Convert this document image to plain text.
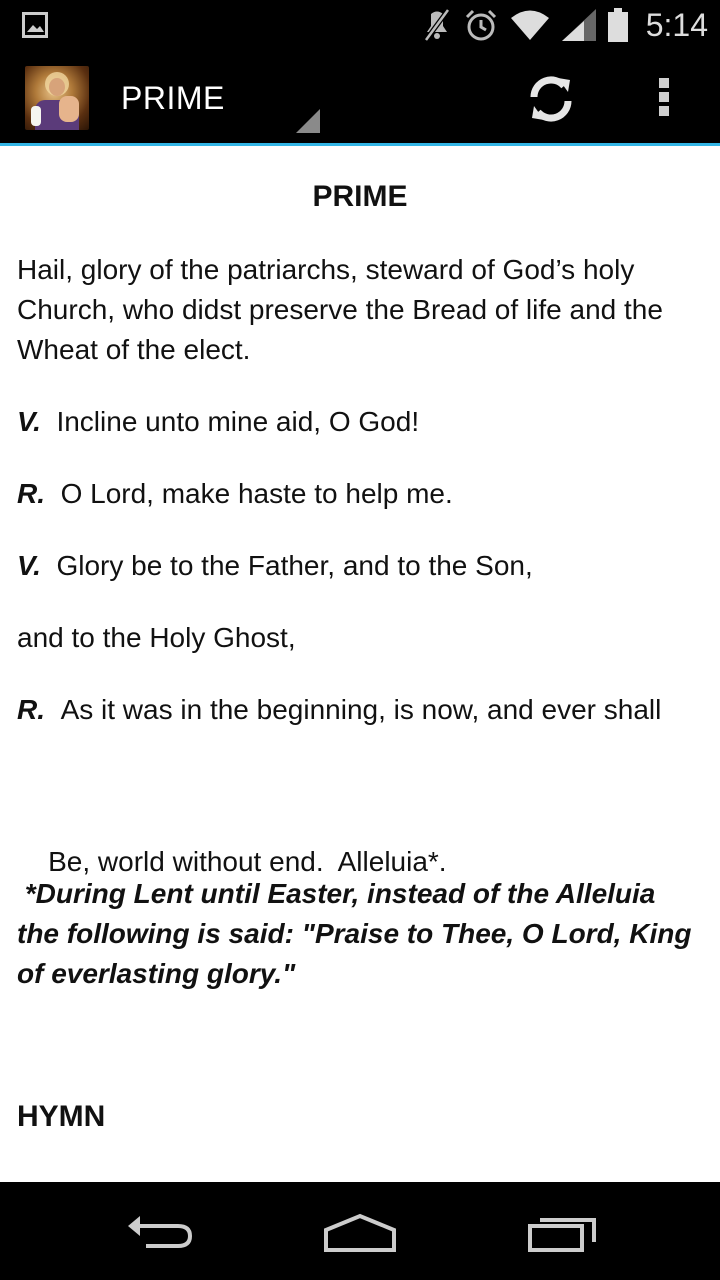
5:14
PRIME
PRIME

Hail, glory of the patriarchs, steward of God’s holy Church, who didst preserve the Bread of life and the Wheat of the elect.

V. Incline unto mine aid, O God!

R. O Lord, make haste to help me.

V. Glory be to the Father, and to the Son,

and to the Holy Ghost,

R. As it was in the beginning, is now, and ever shall

Be, world without end.  Alleluia*.

*During Lent until Easter, instead of the Alleluia the following is said: "Praise to Thee, O Lord, King of everlasting glory."

HYMN
